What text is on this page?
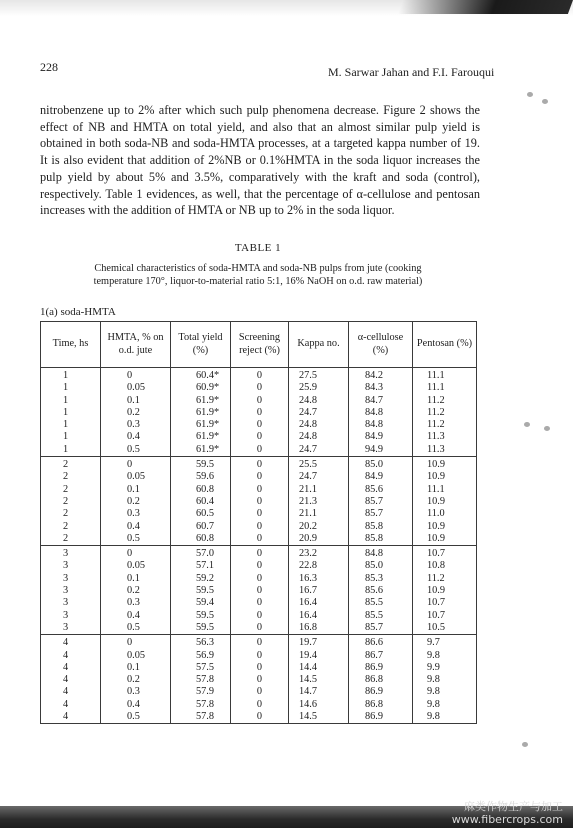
228	M. Sarwar Jahan and F.I. Farouqui

nitrobenzene up to 2% after which such pulp phenomena decrease. Figure 2 shows the effect of NB and HMTA on total yield, and also that an almost similar pulp yield is obtained in both soda-NB and soda-HMTA processes, at a targeted kappa number of 19. It is also evident that addition of 2%NB or 0.1%HMTA in the soda liquor increases the pulp yield by about 5% and 3.5%, comparatively with the kraft and soda (control), respectively. Table 1 evidences, as well, that the percentage of α-cellulose and pentosan increases with the addition of HMTA or NB up to 2% in the soda liquor.

TABLE 1

Chemical characteristics of soda-HMTA and soda-NB pulps from jute (cooking temperature 170°, liquor-to-material ratio 5:1, 16% NaOH on o.d. raw material)

1(a) soda-HMTA
Time, hs	HMTA, % on o.d. jute	Total yield (%)	Screening reject (%)	Kappa no.	α-cellulose (%)	Pentosan (%)
1	0	60.4*	0	27.5	84.2	11.1
1	0.05	60.9*	0	25.9	84.3	11.1
1	0.1	61.9*	0	24.8	84.7	11.2
1	0.2	61.9*	0	24.7	84.8	11.2
1	0.3	61.9*	0	24.8	84.8	11.2
1	0.4	61.9*	0	24.8	84.9	11.3
1	0.5	61.9*	0	24.7	94.9	11.3
2	0	59.5	0	25.5	85.0	10.9
2	0.05	59.6	0	24.7	84.9	10.9
2	0.1	60.8	0	21.1	85.6	11.1
2	0.2	60.4	0	21.3	85.7	10.9
2	0.3	60.5	0	21.1	85.7	11.0
2	0.4	60.7	0	20.2	85.8	10.9
2	0.5	60.8	0	20.9	85.8	10.9
3	0	57.0	0	23.2	84.8	10.7
3	0.05	57.1	0	22.8	85.0	10.8
3	0.1	59.2	0	16.3	85.3	11.2
3	0.2	59.5	0	16.7	85.6	10.9
3	0.3	59.4	0	16.4	85.5	10.7
3	0.4	59.5	0	16.4	85.5	10.7
3	0.5	59.5	0	16.8	85.7	10.5
4	0	56.3	0	19.7	86.6	9.7
4	0.05	56.9	0	19.4	86.7	9.8
4	0.1	57.5	0	14.4	86.9	9.9
4	0.2	57.8	0	14.5	86.8	9.8
4	0.3	57.9	0	14.7	86.9	9.8
4	0.4	57.8	0	14.6	86.8	9.8
4	0.5	57.8	0	14.5	86.9	9.8
麻类作物生产与加工
www.fibercrops.com
